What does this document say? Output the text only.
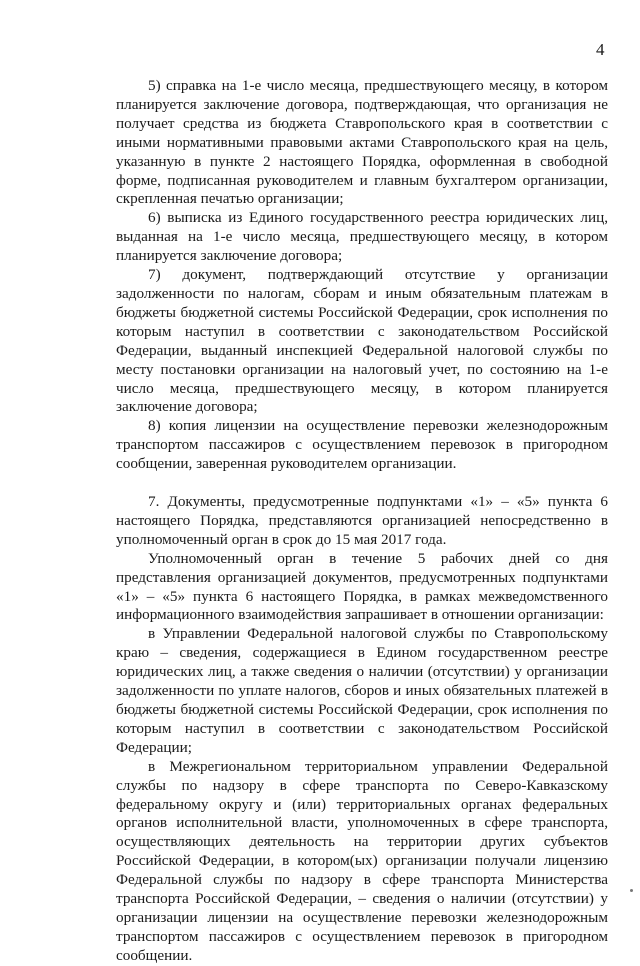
4

5) справка на 1-е число месяца, предшествующего месяцу, в котором планируется заключение договора, подтверждающая, что организация не получает средства из бюджета Ставропольского края в соответствии с иными нормативными правовыми актами Ставропольского края на цель, указанную в пункте 2 настоящего Порядка, оформленная в свободной форме, подписанная руководителем и главным бухгалтером организации, скрепленная печатью организации;

6) выписка из Единого государственного реестра юридических лиц, выданная на 1-е число месяца, предшествующего месяцу, в котором планируется заключение договора;

7) документ, подтверждающий отсутствие у организации задолженности по налогам, сборам и иным обязательным платежам в бюджеты бюджетной системы Российской Федерации, срок исполнения по которым наступил в соответствии с законодательством Российской Федерации, выданный инспекцией Федеральной налоговой службы по месту постановки организации на налоговый учет, по состоянию на 1-е число месяца, предшествующего месяцу, в котором планируется заключение договора;

8) копия лицензии на осуществление перевозки железнодорожным транспортом пассажиров с осуществлением перевозок в пригородном сообщении, заверенная руководителем организации.

7. Документы, предусмотренные подпунктами «1» – «5» пункта 6 настоящего Порядка, представляются организацией непосредственно в уполномоченный орган в срок до 15 мая 2017 года.

Уполномоченный орган в течение 5 рабочих дней со дня представления организацией документов, предусмотренных подпунктами «1» – «5» пункта 6 настоящего Порядка, в рамках межведомственного информационного взаимодействия запрашивает в отношении организации:

в Управлении Федеральной налоговой службы по Ставропольскому краю – сведения, содержащиеся в Едином государственном реестре юридических лиц, а также сведения о наличии (отсутствии) у организации задолженности по уплате налогов, сборов и иных обязательных платежей в бюджеты бюджетной системы Российской Федерации, срок исполнения по которым наступил в соответствии с законодательством Российской Федерации;

в Межрегиональном территориальном управлении Федеральной службы по надзору в сфере транспорта по Северо-Кавказскому федеральному округу и (или) территориальных органах федеральных органов исполнительной власти, уполномоченных в сфере транспорта, осуществляющих деятельность на территории других субъектов Российской Федерации, в котором(ых) организации получали лицензию Федеральной службы по надзору в сфере транспорта Министерства транспорта Российской Федерации, – сведения о наличии (отсутствии) у организации лицензии на осуществление перевозки железнодорожным транспортом пассажиров с осуществлением перевозок в пригородном сообщении.
